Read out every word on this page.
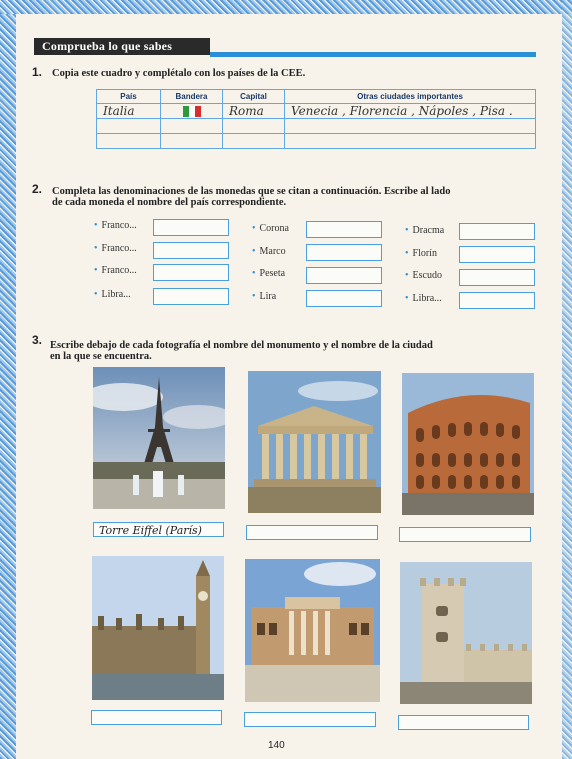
Comprueba lo que sabes
1. Copia este cuadro y complétalo con los países de la CEE.
País	Bandera	Capital	Otras ciudades importantes
Italia		Roma	Venecia , Florencia , Nápoles , Pisa .

2. Completa las denominaciones de las monedas que se citan a continuación. Escribe al lado
de cada moneda el nombre del país correspondiente.
• Franco...
• Franco...
• Franco...
• Libra...
• Corona
• Marco
• Peseta
• Lira
• Dracma
• Florín
• Escudo
• Libra...
3. Escribe debajo de cada fotografía el nombre del monumento y el nombre de la ciudad
en la que se encuentra.
Torre Eiffel (París)
140
